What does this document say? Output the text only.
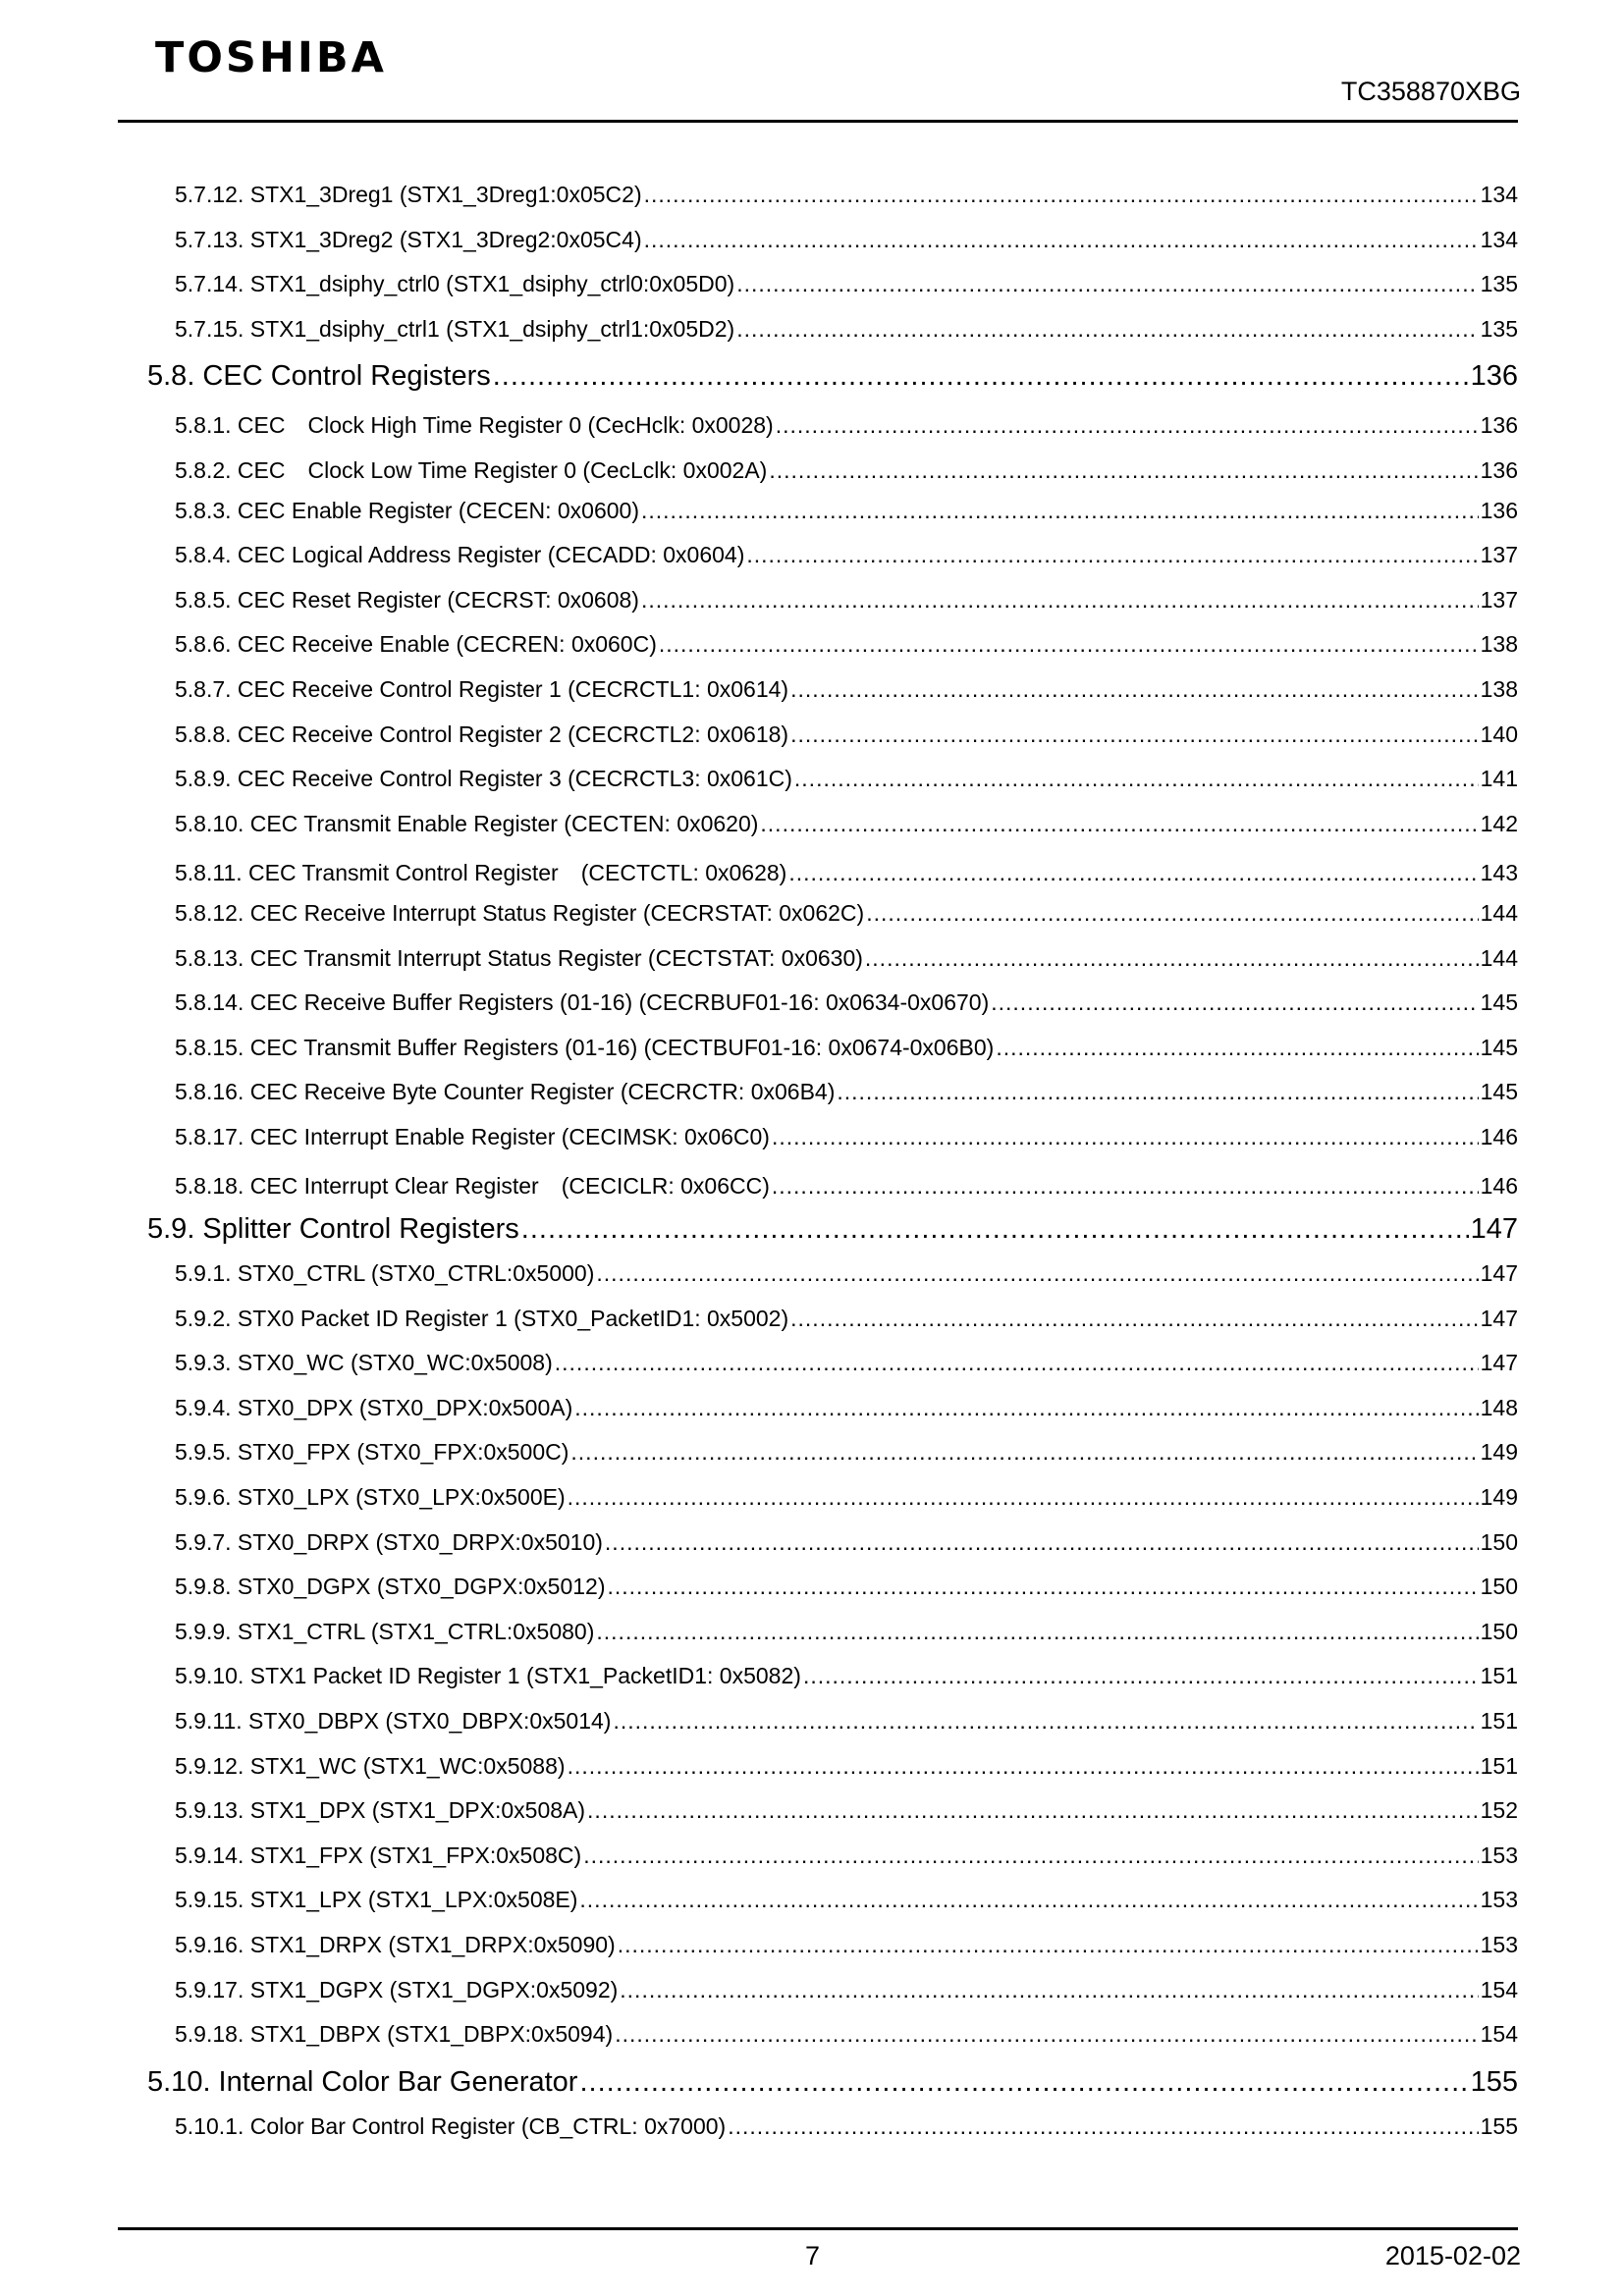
TOSHIBA
TC358870XBG
5.7.12. STX1_3Dreg1 (STX1_3Dreg1:0x05C2) .....	134
5.7.13. STX1_3Dreg2 (STX1_3Dreg2:0x05C4) .....	134
5.7.14. STX1_dsiphy_ctrl0 (STX1_dsiphy_ctrl0:0x05D0) .....	135
5.7.15. STX1_dsiphy_ctrl1 (STX1_dsiphy_ctrl1:0x05D2) .....	135
5.8. CEC Control Registers .....	136
5.8.1. CEC　Clock High Time Register 0 (CecHclk: 0x0028) .....	136
5.8.2. CEC　Clock Low Time Register 0 (CecLclk: 0x002A) .....	136
5.8.3. CEC Enable Register (CECEN: 0x0600) .....	136
5.8.4. CEC Logical Address Register (CECADD: 0x0604) .....	137
5.8.5. CEC Reset Register (CECRST: 0x0608) .....	137
5.8.6. CEC Receive Enable (CECREN: 0x060C) .....	138
5.8.7. CEC Receive Control Register 1 (CECRCTL1: 0x0614) .....	138
5.8.8. CEC Receive Control Register 2 (CECRCTL2: 0x0618) .....	140
5.8.9. CEC Receive Control Register 3 (CECRCTL3: 0x061C) .....	141
5.8.10. CEC Transmit Enable Register (CECTEN: 0x0620) .....	142
5.8.11. CEC Transmit Control Register　(CECTCTL: 0x0628) .....	143
5.8.12. CEC Receive Interrupt Status Register (CECRSTAT: 0x062C) .....	144
5.8.13. CEC Transmit Interrupt Status Register (CECTSTAT: 0x0630) .....	144
5.8.14. CEC Receive Buffer Registers (01-16) (CECRBUF01-16: 0x0634-0x0670) .....	145
5.8.15. CEC Transmit Buffer Registers (01-16) (CECTBUF01-16: 0x0674-0x06B0) .....	145
5.8.16. CEC Receive Byte Counter Register (CECRCTR: 0x06B4) .....	145
5.8.17. CEC Interrupt Enable Register (CECIMSK: 0x06C0) .....	146
5.8.18. CEC Interrupt Clear Register　(CECICLR: 0x06CC) .....	146
5.9. Splitter Control Registers .....	147
5.9.1. STX0_CTRL (STX0_CTRL:0x5000) .....	147
5.9.2. STX0 Packet ID Register 1 (STX0_PacketID1: 0x5002) .....	147
5.9.3. STX0_WC (STX0_WC:0x5008) .....	147
5.9.4. STX0_DPX (STX0_DPX:0x500A) .....	148
5.9.5. STX0_FPX (STX0_FPX:0x500C) .....	149
5.9.6. STX0_LPX (STX0_LPX:0x500E) .....	149
5.9.7. STX0_DRPX (STX0_DRPX:0x5010) .....	150
5.9.8. STX0_DGPX (STX0_DGPX:0x5012) .....	150
5.9.9. STX1_CTRL (STX1_CTRL:0x5080) .....	150
5.9.10. STX1 Packet ID Register 1 (STX1_PacketID1: 0x5082) .....	151
5.9.11. STX0_DBPX (STX0_DBPX:0x5014) .....	151
5.9.12. STX1_WC (STX1_WC:0x5088) .....	151
5.9.13. STX1_DPX (STX1_DPX:0x508A) .....	152
5.9.14. STX1_FPX (STX1_FPX:0x508C) .....	153
5.9.15. STX1_LPX (STX1_LPX:0x508E) .....	153
5.9.16. STX1_DRPX (STX1_DRPX:0x5090) .....	153
5.9.17. STX1_DGPX (STX1_DGPX:0x5092) .....	154
5.9.18. STX1_DBPX (STX1_DBPX:0x5094) .....	154
5.10. Internal Color Bar Generator .....	155
5.10.1. Color Bar Control Register (CB_CTRL: 0x7000) .....	155
7	2015-02-02
